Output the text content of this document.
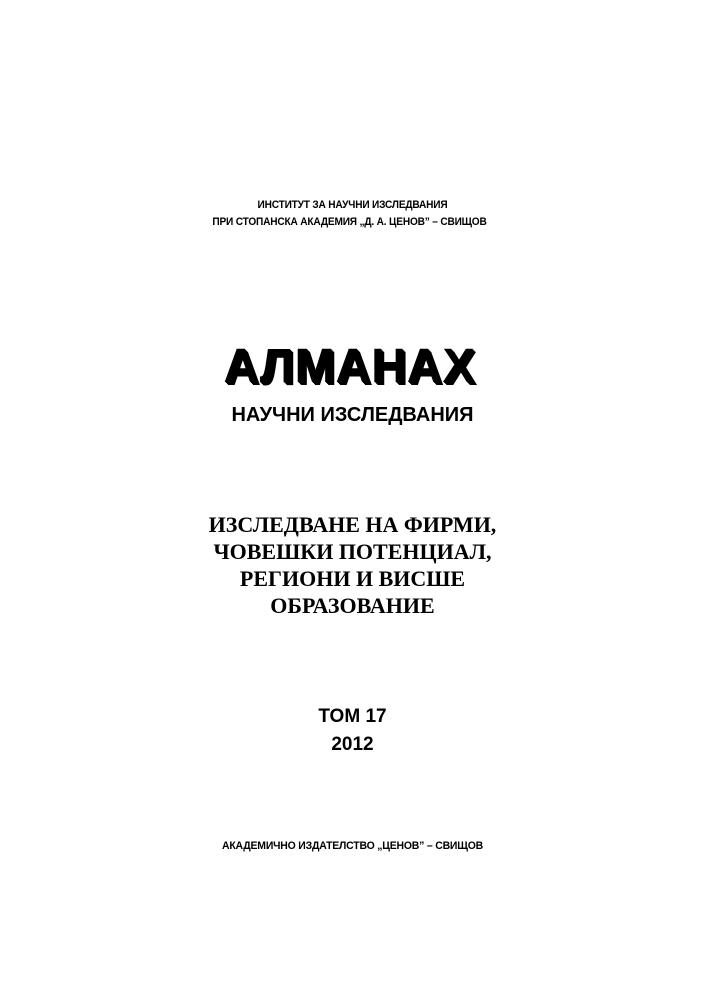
ИНСТИТУТ ЗА НАУЧНИ ИЗСЛЕДВАНИЯ

ПРИ СТОПАНСКА АКАДЕМИЯ „Д. А. ЦЕНОВ” – СВИЩОВ

АЛМАНАХ
НАУЧНИ ИЗСЛЕДВАНИЯ

ИЗСЛЕДВАНЕ НА ФИРМИ,

ЧОВЕШКИ ПОТЕНЦИАЛ,

РЕГИОНИ И ВИСШЕ

ОБРАЗОВАНИЕ

ТОМ 17

2012

АКАДЕМИЧНО ИЗДАТЕЛСТВО „ЦЕНОВ” – СВИЩОВ
